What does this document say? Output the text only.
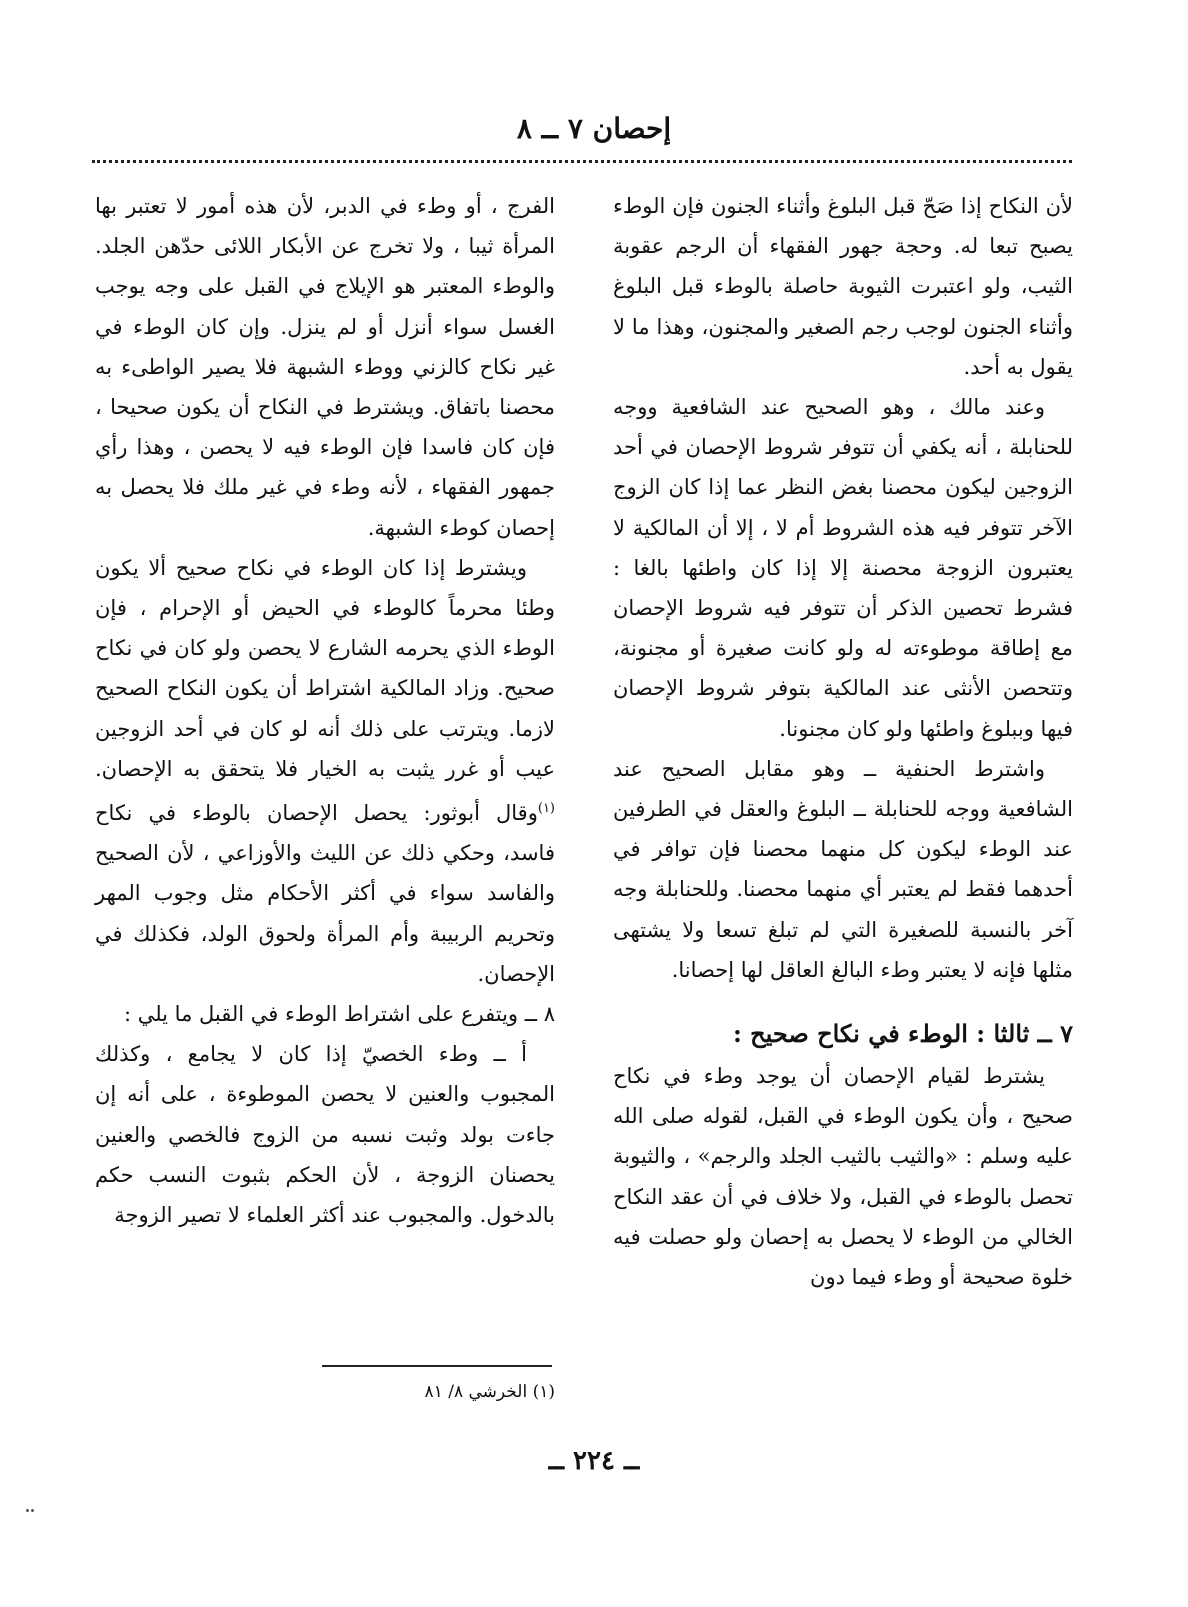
إحصان ٧ ــ ٨

لأن النكاح إذا صَحّ قبل البلوغ وأثناء الجنون فإن الوطء يصبح تبعا له. وحجة جهور الفقهاء أن الرجم عقوبة الثيب، ولو اعتبرت الثيوبة حاصلة بالوطء قبل البلوغ وأثناء الجنون لوجب رجم الصغير والمجنون، وهذا ما لا يقول به أحد.

وعند مالك ، وهو الصحيح عند الشافعية ووجه للحنابلة ، أنه يكفي أن تتوفر شروط الإحصان في أحد الزوجين ليكون محصنا بغض النظر عما إذا كان الزوج الآخر تتوفر فيه هذه الشروط أم لا ، إلا أن المالكية لا يعتبرون الزوجة محصنة إلا إذا كان واطئها بالغا : فشرط تحصين الذكر أن تتوفر فيه شروط الإحصان مع إطاقة موطوءته له ولو كانت صغيرة أو مجنونة، وتتحصن الأنثى عند المالكية بتوفر شروط الإحصان فيها وببلوغ واطئها ولو كان مجنونا.

واشترط الحنفية ــ وهو مقابل الصحيح عند الشافعية ووجه للحنابلة ــ البلوغ والعقل في الطرفين عند الوطء ليكون كل منهما محصنا فإن توافر في أحدهما فقط لم يعتبر أي منهما محصنا. وللحنابلة وجه آخر بالنسبة للصغيرة التي لم تبلغ تسعا ولا يشتهى مثلها فإنه لا يعتبر وطء البالغ العاقل لها إحصانا.

٧ ــ ثالثا : الوطء في نكاح صحيح :

يشترط لقيام الإحصان أن يوجد وطء في نكاح صحيح ، وأن يكون الوطء في القبل، لقوله صلى الله عليه وسلم : «والثيب بالثيب الجلد والرجم» ، والثيوبة تحصل بالوطء في القبل، ولا خلاف في أن عقد النكاح الخالي من الوطء لا يحصل به إحصان ولو حصلت فيه خلوة صحيحة أو وطء فيما دون

الفرج ، أو وطء في الدبر، لأن هذه أمور لا تعتبر بها المرأة ثيبا ، ولا تخرج عن الأبكار اللائى حدّهن الجلد. والوطء المعتبر هو الإيلاج في القبل على وجه يوجب الغسل سواء أنزل أو لم ينزل. وإن كان الوطء في غير نكاح كالزني ووطء الشبهة فلا يصير الواطىء به محصنا باتفاق. ويشترط في النكاح أن يكون صحيحا ، فإن كان فاسدا فإن الوطء فيه لا يحصن ، وهذا رأي جمهور الفقهاء ، لأنه وطء في غير ملك فلا يحصل به إحصان كوطء الشبهة.

ويشترط إذا كان الوطء في نكاح صحيح ألا يكون وطئا محرماً كالوطء في الحيض أو الإحرام ، فإن الوطء الذي يحرمه الشارع لا يحصن ولو كان في نكاح صحيح. وزاد المالكية اشتراط أن يكون النكاح الصحيح لازما. ويترتب على ذلك أنه لو كان في أحد الزوجين عيب أو غرر يثبت به الخيار فلا يتحقق به الإحصان.$^{(١)}$وقال أبوثور: يحصل الإحصان بالوطء في نكاح فاسد، وحكي ذلك عن الليث والأوزاعي ، لأن الصحيح والفاسد سواء في أكثر الأحكام مثل وجوب المهر وتحريم الربيبة وأم المرأة ولحوق الولد، فكذلك في الإحصان.

٨ ــ ويتفرع على اشتراط الوطء في القبل ما يلي :

أ ــ وطء الخصيّ إذا كان لا يجامع ، وكذلك المجبوب والعنين لا يحصن الموطوءة ، على أنه إن جاءت بولد وثبت نسبه من الزوج فالخصي والعنين يحصنان الزوجة ، لأن الحكم بثبوت النسب حكم بالدخول. والمجبوب عند أكثر العلماء لا تصير الزوجة

(١) الخرشي ٨/ ٨١
ــ ٢٢٤ ــ
